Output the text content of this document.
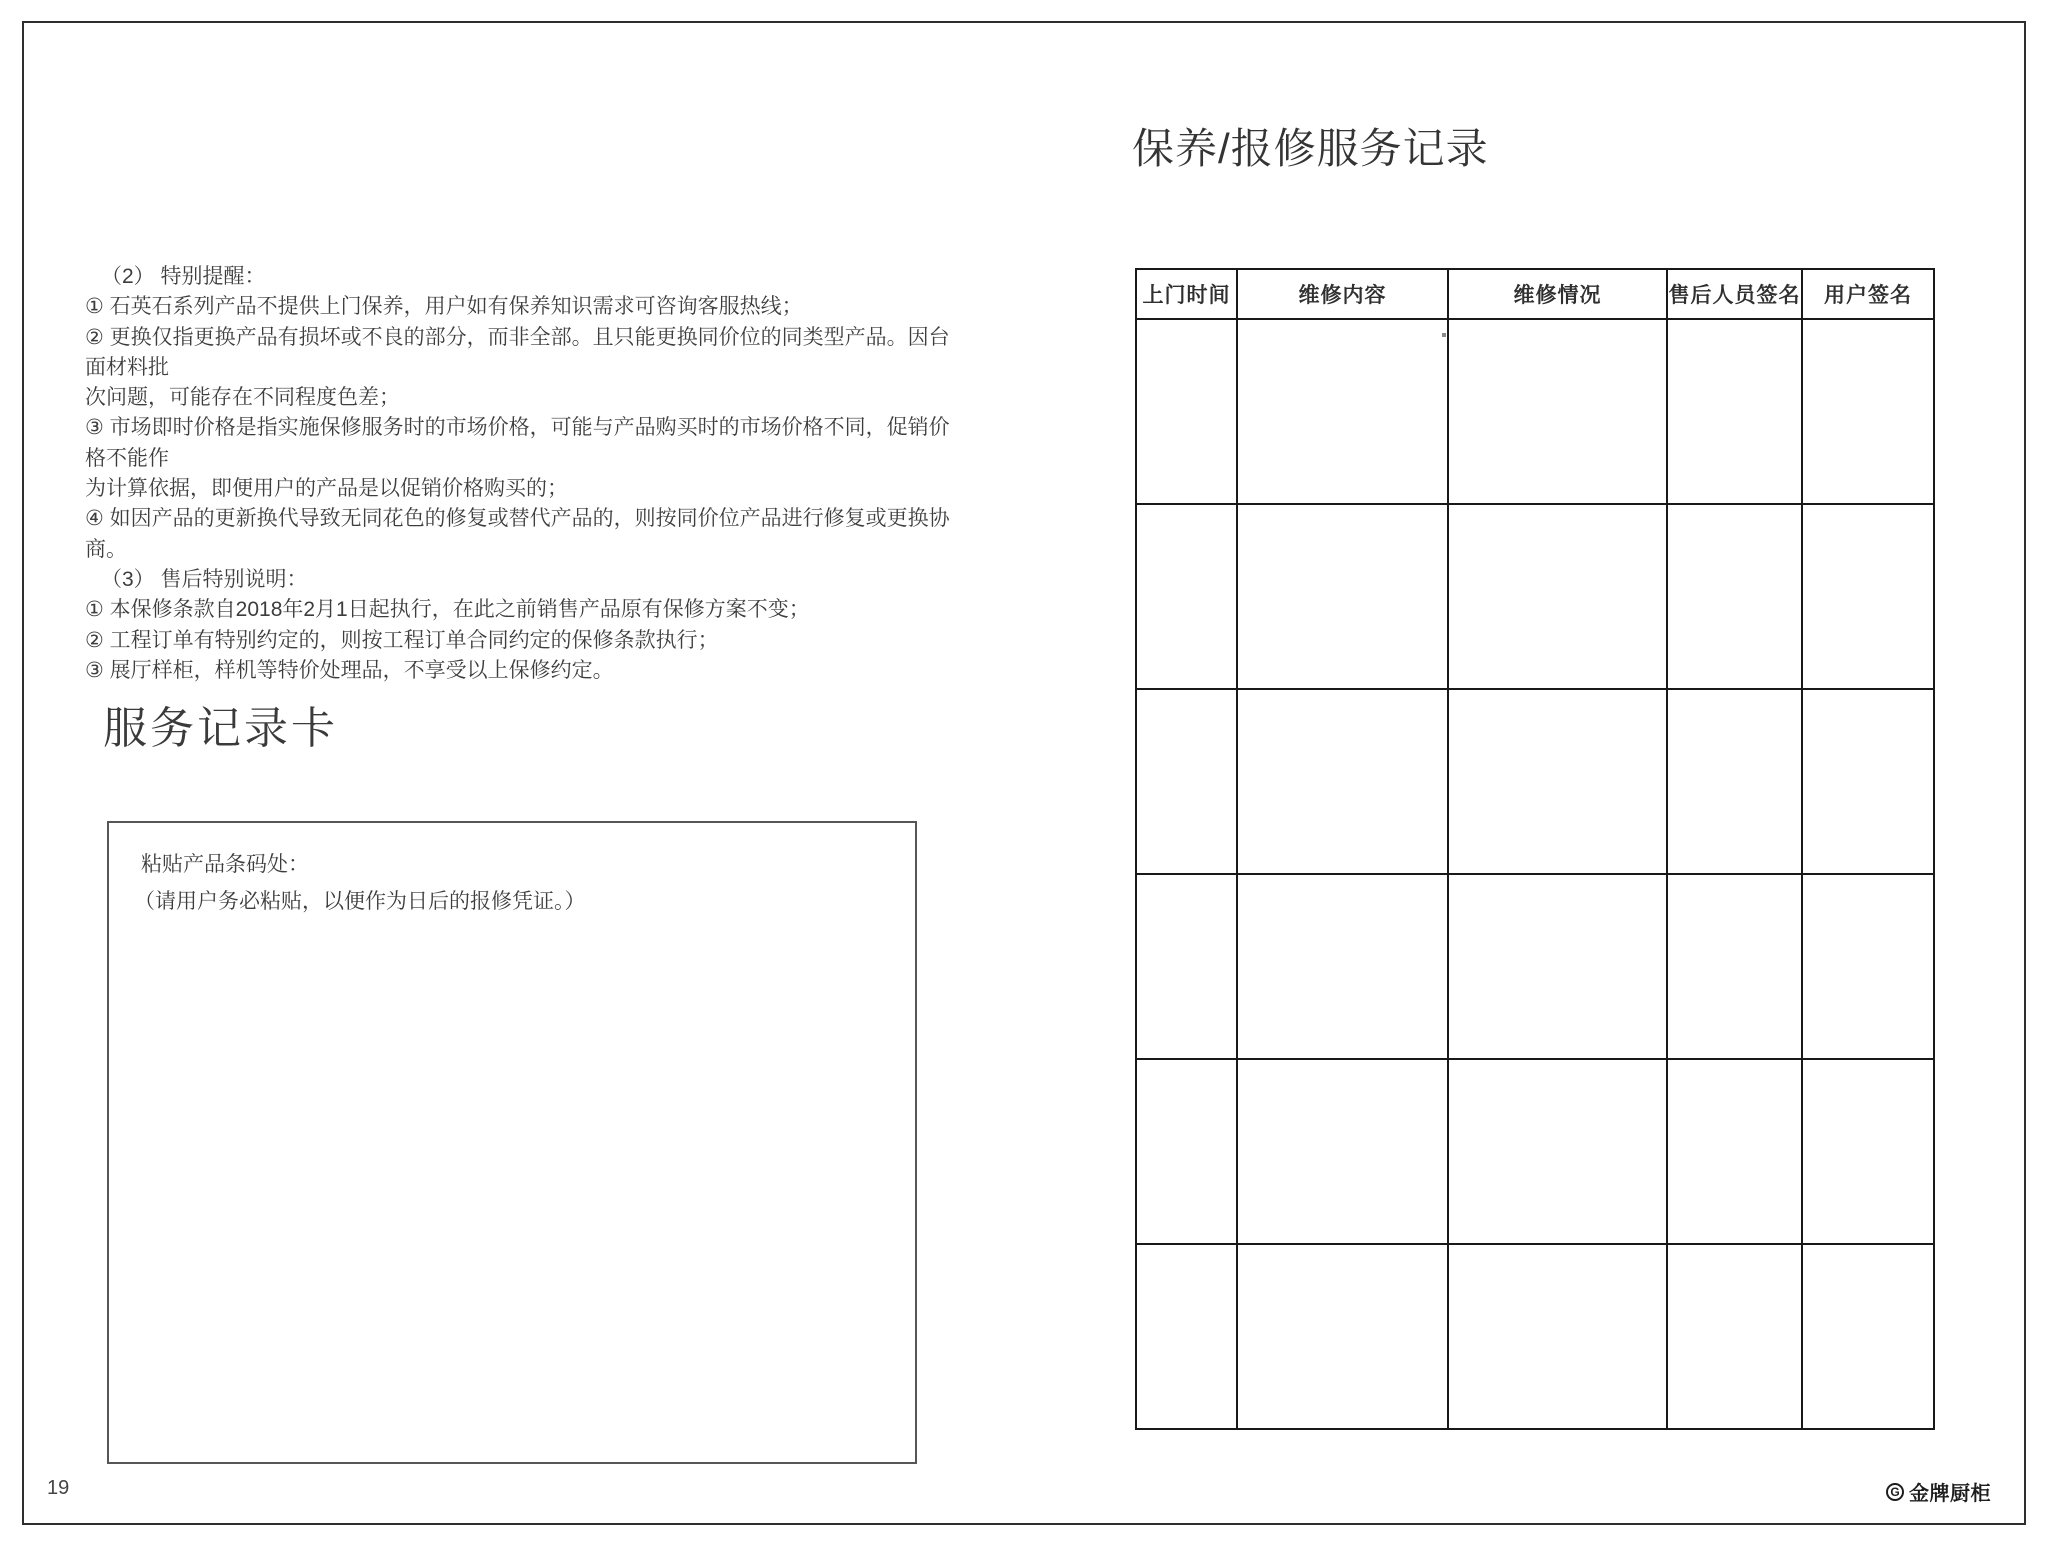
（2） 特别提醒：
① 石英石系列产品不提供上门保养，用户如有保养知识需求可咨询客服热线；
② 更换仅指更换产品有损坏或不良的部分，而非全部。且只能更换同价位的同类型产品。因台面材料批
次问题，可能存在不同程度色差；
③ 市场即时价格是指实施保修服务时的市场价格，可能与产品购买时的市场价格不同，促销价格不能作
为计算依据，即便用户的产品是以促销价格购买的；
④ 如因产品的更新换代导致无同花色的修复或替代产品的，则按同价位产品进行修复或更换协商。
（3） 售后特别说明：
① 本保修条款自2018年2月1日起执行，在此之前销售产品原有保修方案不变；
② 工程订单有特别约定的，则按工程订单合同约定的保修条款执行；
③ 展厅样柜，样机等特价处理品，不享受以上保修约定。
服务记录卡
粘贴产品条码处：
（请用户务必粘贴，以便作为日后的报修凭证。）
19
保养/报修服务记录
上门时间	维修内容	维修情况	售后人员签名	用户签名

G 金牌厨柜
